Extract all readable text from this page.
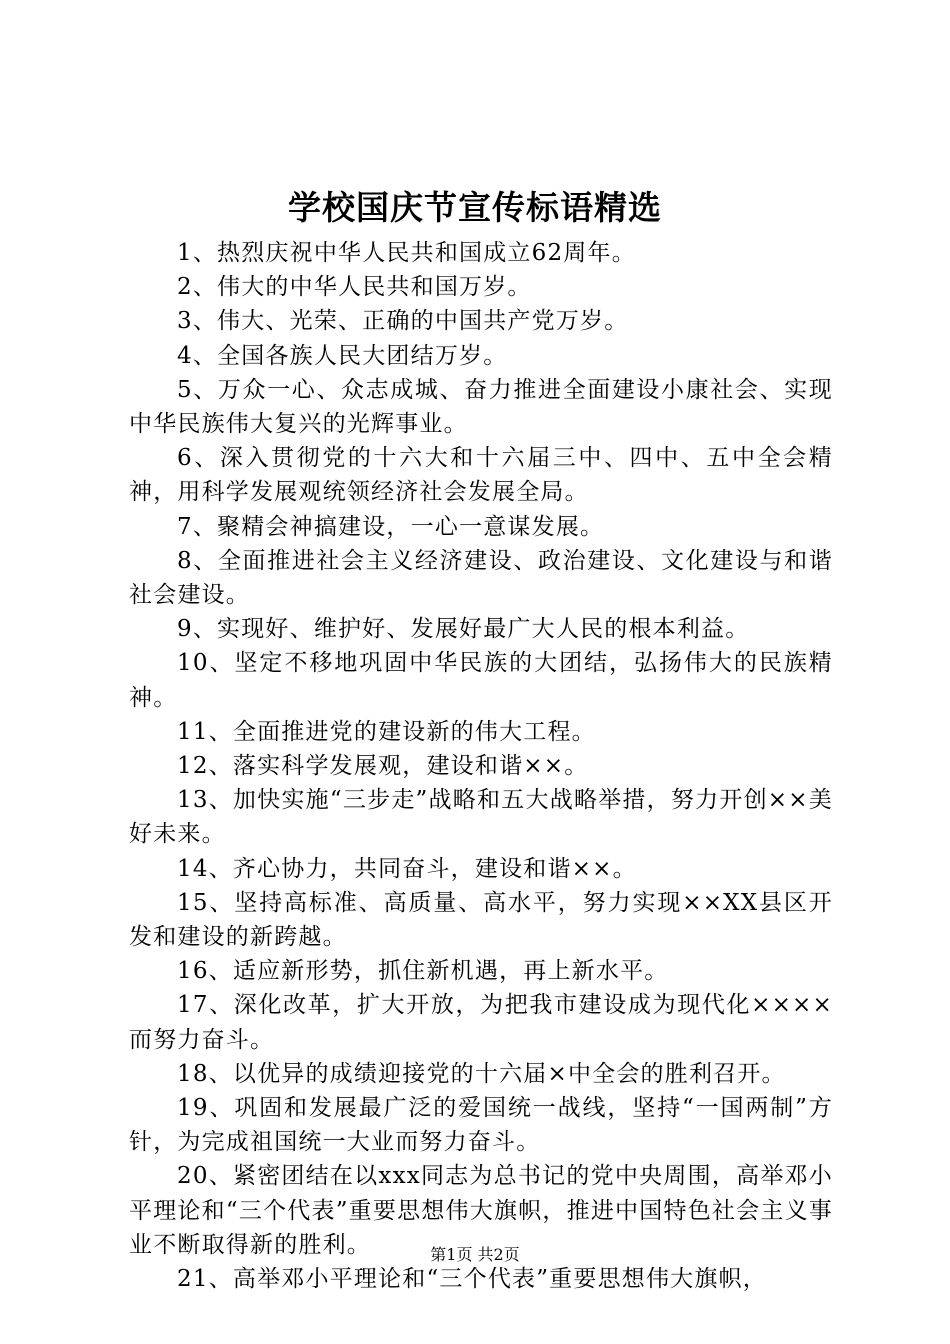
学校国庆节宣传标语精选

1、热烈庆祝中华人民共和国成立62周年。

2、伟大的中华人民共和国万岁。

3、伟大、光荣、正确的中国共产党万岁。

4、全国各族人民大团结万岁。

5、万众一心、众志成城、奋力推进全面建设小康社会、实现中华民族伟大复兴的光辉事业。

6、深入贯彻党的十六大和十六届三中、四中、五中全会精神，用科学发展观统领经济社会发展全局。

7、聚精会神搞建设，一心一意谋发展。

8、全面推进社会主义经济建设、政治建设、文化建设与和谐社会建设。

9、实现好、维护好、发展好最广大人民的根本利益。

10、坚定不移地巩固中华民族的大团结，弘扬伟大的民族精神。

11、全面推进党的建设新的伟大工程。

12、落实科学发展观，建设和谐××。

13、加快实施“三步走”战略和五大战略举措，努力开创××美好未来。

14、齐心协力，共同奋斗，建设和谐××。

15、坚持高标准、高质量、高水平，努力实现××XX县区开发和建设的新跨越。

16、适应新形势，抓住新机遇，再上新水平。

17、深化改革，扩大开放，为把我市建设成为现代化××××而努力奋斗。

18、以优异的成绩迎接党的十六届×中全会的胜利召开。

19、巩固和发展最广泛的爱国统一战线，坚持“一国两制”方针，为完成祖国统一大业而努力奋斗。

20、紧密团结在以xxx同志为总书记的党中央周围，高举邓小平理论和“三个代表”重要思想伟大旗帜，推进中国特色社会主义事业不断取得新的胜利。

21、高举邓小平理论和“三个代表”重要思想伟大旗帜，

第1页 共2页
